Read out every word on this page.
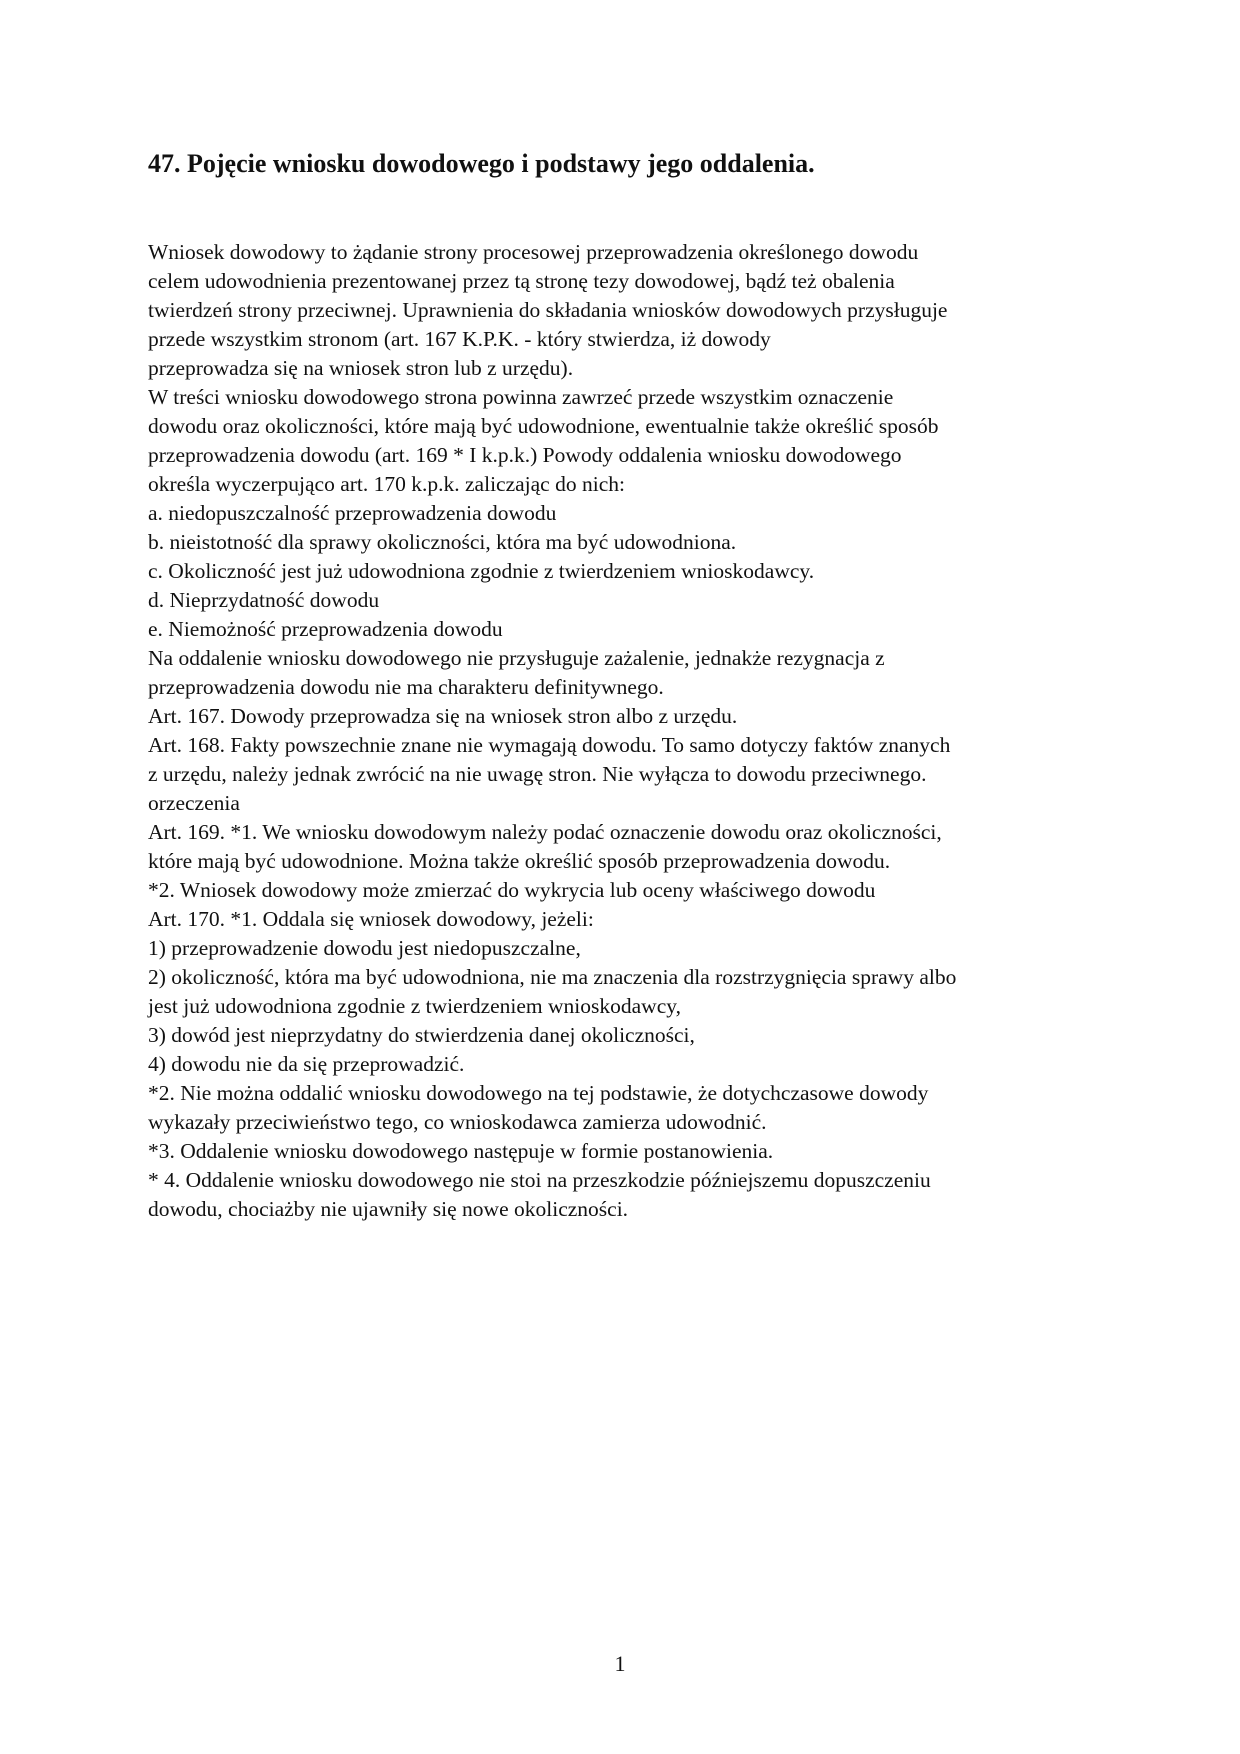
47. Pojęcie wniosku dowodowego i podstawy jego oddalenia.
Wniosek dowodowy to żądanie strony procesowej przeprowadzenia określonego dowodu
celem udowodnienia prezentowanej przez tą stronę tezy dowodowej, bądź też obalenia
twierdzeń strony przeciwnej. Uprawnienia do składania wniosków dowodowych przysługuje
przede wszystkim stronom (art. 167 K.P.K. - który stwierdza, iż dowody
przeprowadza się na wniosek stron lub z urzędu).
W treści wniosku dowodowego strona powinna zawrzeć przede wszystkim oznaczenie
dowodu oraz okoliczności, które mają być udowodnione, ewentualnie także określić sposób
przeprowadzenia dowodu (art. 169 * I k.p.k.) Powody oddalenia wniosku dowodowego
określa wyczerpująco art. 170 k.p.k. zaliczając do nich:
a. niedopuszczalność przeprowadzenia dowodu
b. nieistotność dla sprawy okoliczności, która ma być udowodniona.
c. Okoliczność jest już udowodniona zgodnie z twierdzeniem wnioskodawcy.
d. Nieprzydatność dowodu
e. Niemożność przeprowadzenia dowodu
Na oddalenie wniosku dowodowego nie przysługuje zażalenie, jednakże rezygnacja z
przeprowadzenia dowodu nie ma charakteru definitywnego.
Art. 167. Dowody przeprowadza się na wniosek stron albo z urzędu.
Art. 168. Fakty powszechnie znane nie wymagają dowodu. To samo dotyczy faktów znanych
z urzędu, należy jednak zwrócić na nie uwagę stron. Nie wyłącza to dowodu przeciwnego.
orzeczenia
Art. 169. *1. We wniosku dowodowym należy podać oznaczenie dowodu oraz okoliczności,
które mają być udowodnione. Można także określić sposób przeprowadzenia dowodu.
*2. Wniosek dowodowy może zmierzać do wykrycia lub oceny właściwego dowodu
Art. 170. *1. Oddala się wniosek dowodowy, jeżeli:
1) przeprowadzenie dowodu jest niedopuszczalne,
2) okoliczność, która ma być udowodniona, nie ma znaczenia dla rozstrzygnięcia sprawy albo
jest już udowodniona zgodnie z twierdzeniem wnioskodawcy,
3) dowód jest nieprzydatny do stwierdzenia danej okoliczności,
4) dowodu nie da się przeprowadzić.
*2. Nie można oddalić wniosku dowodowego na tej podstawie, że dotychczasowe dowody
wykazały przeciwieństwo tego, co wnioskodawca zamierza udowodnić.
*3. Oddalenie wniosku dowodowego następuje w formie postanowienia.
* 4. Oddalenie wniosku dowodowego nie stoi na przeszkodzie późniejszemu dopuszczeniu
dowodu, chociażby nie ujawniły się nowe okoliczności.
1
